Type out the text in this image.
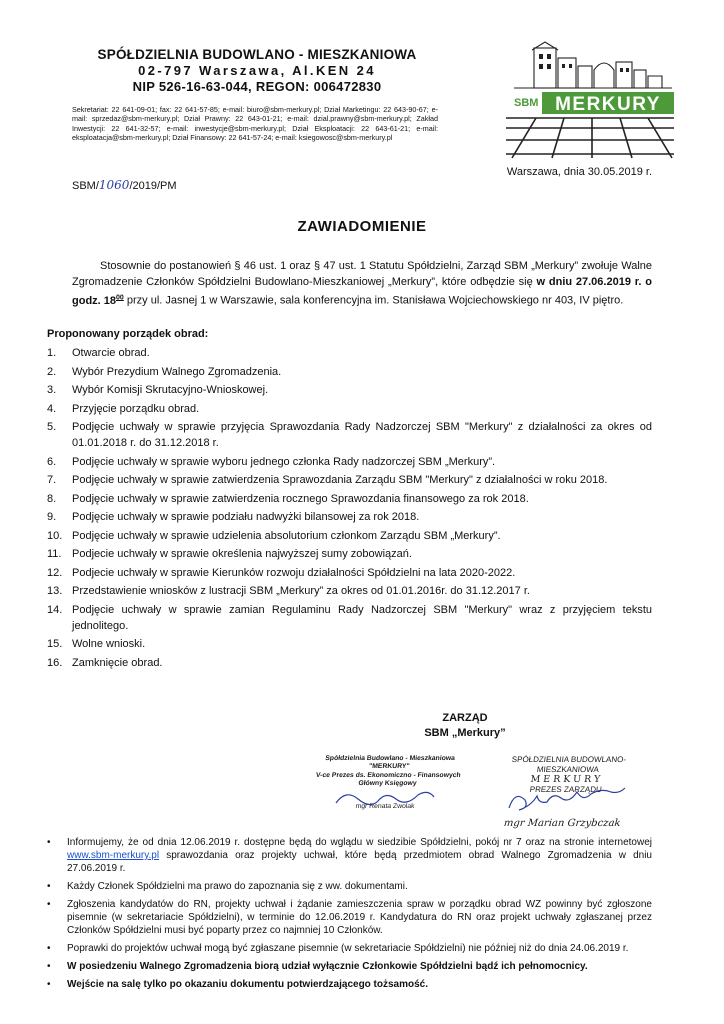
SPÓŁDZIELNIA BUDOWLANO - MIESZKANIOWA
02-797 Warszawa, Al.KEN 24
NIP 526-16-63-044, REGON: 006472830
Sekretariat: 22 641-09-01; fax: 22 641-57-85; e-mail: biuro@sbm-merkury.pl; Dział Marketingu: 22 643-90-67; e-mail: sprzedaz@sbm-merkury.pl; Dział Prawny: 22 643-01-21; e-mail: dzial.prawny@sbm-merkury.pl; Zakład Inwestycji: 22 641-32-57; e-mail: inwestycje@sbm-merkury.pl; Dział Eksploatacji: 22 643-61-21; e-mail: eksploatacja@sbm-merkury.pl; Dział Finansowy: 22 641-57-24; e-mail: ksiegowosc@sbm-merkury.pl
SBM MERKURY
SBM/1060/2019/PM
Warszawa, dnia 30.05.2019 r.
ZAWIADOMIENIE
Stosownie do postanowień § 46 ust. 1 oraz § 47 ust. 1 Statutu Spółdzielni, Zarząd SBM „Merkury” zwołuje Walne Zgromadzenie Członków Spółdzielni Budowlano-Mieszkaniowej „Merkury”, które odbędzie się w dniu 27.06.2019 r. o godz. $18^{00}$ przy ul. Jasnej 1 w Warszawie, sala konferencyjna im. Stanisława Wojciechowskiego nr 403, IV piętro.
Proponowany porządek obrad:
1.	Otwarcie obrad.
2.	Wybór Prezydium Walnego Zgromadzenia.
3.	Wybór Komisji Skrutacyjno-Wnioskowej.
4.	Przyjęcie porządku obrad.
5.	Podjęcie uchwały w sprawie przyjęcia Sprawozdania Rady Nadzorczej SBM "Merkury" z działalności za okres od 01.01.2018 r. do 31.12.2018 r.
6.	Podjęcie uchwały w sprawie wyboru jednego członka Rady nadzorczej SBM „Merkury”.
7.	Podjęcie uchwały w sprawie zatwierdzenia Sprawozdania Zarządu SBM "Merkury" z działalności w roku 2018.
8.	Podjęcie uchwały w sprawie zatwierdzenia rocznego Sprawozdania finansowego za rok 2018.
9.	Podjęcie uchwały w sprawie podziału nadwyżki bilansowej za rok 2018.
10. Podjęcie uchwały w sprawie udzielenia absolutorium członkom Zarządu SBM „Merkury”.
11. Podjecie uchwały w sprawie określenia najwyższej sumy zobowiązań.
12. Podjecie uchwały w sprawie Kierunków rozwoju działalności Spółdzielni na lata 2020-2022.
13. Przedstawienie wniosków z lustracji SBM „Merkury” za okres od 01.01.2016r. do 31.12.2017 r.
14. Podjęcie uchwały w sprawie zamian Regulaminu Rady Nadzorczej SBM "Merkury" wraz z przyjęciem tekstu jednolitego.
15. Wolne wnioski.
16. Zamknięcie obrad.
ZARZĄD
SBM „Merkury”
Spółdzielnia Budowlano - Mieszkaniowa
"MERKURY"
V-ce Prezes ds. Ekonomiczno - Finansowych
Główny Księgowy
mgr Renata Zwolak
SPÓŁDZIELNIA BUDOWLANO-MIESZKANIOWA
MERKURY
PREZES ZARZĄDU
mgr Marian Grzybczak
•	Informujemy, że od dnia 12.06.2019 r. dostępne będą do wglądu w siedzibie Spółdzielni, pokój nr 7 oraz na stronie internetowej www.sbm-merkury.pl sprawozdania oraz projekty uchwał, które będą przedmiotem obrad Walnego Zgromadzenia w dniu 27.06.2019 r.
•	Każdy Członek Spółdzielni ma prawo do zapoznania się z ww. dokumentami.
•	Zgłoszenia kandydatów do RN, projekty uchwał i żądanie zamieszczenia spraw w porządku obrad WZ powinny być zgłoszone pisemnie (w sekretariacie Spółdzielni), w terminie do 12.06.2019 r. Kandydatura do RN oraz projekt uchwały zgłaszanej przez Członków Spółdzielni musi być poparty przez co najmniej 10 Członków.
•	Poprawki do projektów uchwał mogą być zgłaszane pisemnie (w sekretariacie Spółdzielni) nie później niż do dnia 24.06.2019 r.
•	W posiedzeniu Walnego Zgromadzenia biorą udział wyłącznie Członkowie Spółdzielni bądź ich pełnomocnicy.
•	Wejście na salę tylko po okazaniu dokumentu potwierdzającego tożsamość.
